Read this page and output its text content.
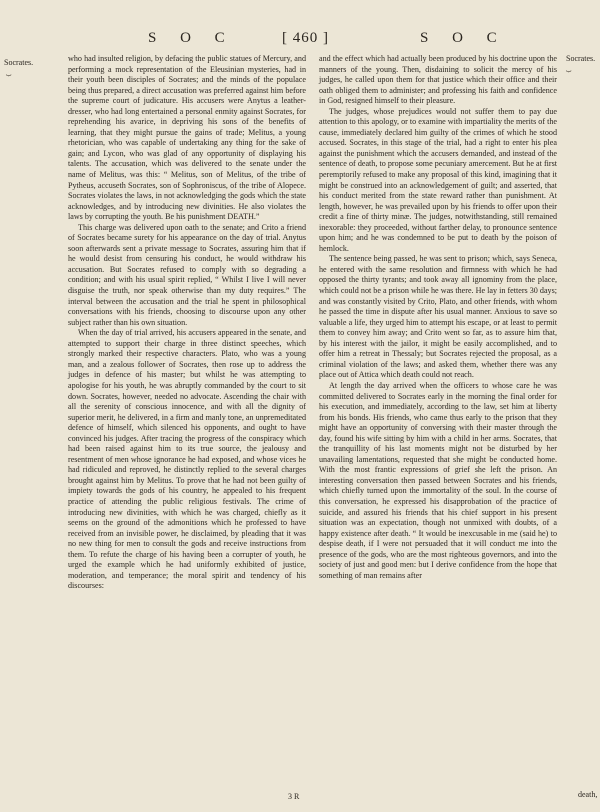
S O C	[ 460 ]	S O C
Socrates.
⏟
Socrates.
⏟

who had insulted religion, by defacing the public statues of Mercury, and performing a mock representation of the Eleusinian mysteries, had in their youth been disciples of Socrates; and the minds of the populace being thus prepared, a direct accusation was preferred against him before the supreme court of judicature. His accusers were Anytus a leather-dresser, who had long entertained a personal enmity against Socrates, for reprehending his avarice, in depriving his sons of the benefits of learning, that they might pursue the gains of trade; Melitus, a young rhetorician, who was capable of undertaking any thing for the sake of gain; and Lycon, who was glad of any opportunity of displaying his talents. The accusation, which was delivered to the senate under the name of Melitus, was this: “ Melitus, son of Melitus, of the tribe of Pytheus, accuseth Socrates, son of Sophroniscus, of the tribe of Alopece. Socrates violates the laws, in not acknowledging the gods which the state acknowledges, and by introducing new divinities. He also violates the laws by corrupting the youth. Be his punishment DEATH.”

This charge was delivered upon oath to the senate; and Crito a friend of Socrates became surety for his appearance on the day of trial. Anytus soon afterwards sent a private message to Socrates, assuring him that if he would desist from censuring his conduct, he would withdraw his accusation. But Socrates refused to comply with so degrading a condition; and with his usual spirit replied, “ Whilst I live I will never disguise the truth, nor speak otherwise than my duty requires.” The interval between the accusation and the trial he spent in philosophical conversations with his friends, choosing to discourse upon any other subject rather than his own situation.

When the day of trial arrived, his accusers appeared in the senate, and attempted to support their charge in three distinct speeches, which strongly marked their respective characters. Plato, who was a young man, and a zealous follower of Socrates, then rose up to address the judges in defence of his master; but whilst he was attempting to apologise for his youth, he was abruptly commanded by the court to sit down. Socrates, however, needed no advocate. Ascending the chair with all the serenity of conscious innocence, and with all the dignity of superior merit, he delivered, in a firm and manly tone, an unpremeditated defence of himself, which silenced his opponents, and ought to have convinced his judges. After tracing the progress of the conspiracy which had been raised against him to its true source, the jealousy and resentment of men whose ignorance he had exposed, and whose vices he had ridiculed and reproved, he distinctly replied to the several charges brought against him by Melitus. To prove that he had not been guilty of impiety towards the gods of his country, he appealed to his frequent practice of attending the public religious festivals. The crime of introducing new divinities, with which he was charged, chiefly as it seems on the ground of the admonitions which he professed to have received from an invisible power, he disclaimed, by pleading that it was no new thing for men to consult the gods and receive instructions from them. To refute the charge of his having been a corrupter of youth, he urged the example which he had uniformly exhibited of justice, moderation, and temperance; the moral spirit and tendency of his discourses:

and the effect which had actually been produced by his doctrine upon the manners of the young. Then, disdaining to solicit the mercy of his judges, he called upon them for that justice which their office and their oath obliged them to administer; and professing his faith and confidence in God, resigned himself to their pleasure.

The judges, whose prejudices would not suffer them to pay due attention to this apology, or to examine with impartiality the merits of the cause, immediately declared him guilty of the crimes of which he stood accused. Socrates, in this stage of the trial, had a right to enter his plea against the punishment which the accusers demanded, and instead of the sentence of death, to propose some pecuniary amercement. But he at first peremptorily refused to make any proposal of this kind, imagining that it might be construed into an acknowledgement of guilt; and asserted, that his conduct merited from the state reward rather than punishment. At length, however, he was prevailed upon by his friends to offer upon their credit a fine of thirty minæ. The judges, notwithstanding, still remained inexorable: they proceeded, without farther delay, to pronounce sentence upon him; and he was condemned to be put to death by the poison of hemlock.

The sentence being passed, he was sent to prison; which, says Seneca, he entered with the same resolution and firmness with which he had opposed the thirty tyrants; and took away all ignominy from the place, which could not be a prison while he was there. He lay in fetters 30 days; and was constantly visited by Crito, Plato, and other friends, with whom he passed the time in dispute after his usual manner. Anxious to save so valuable a life, they urged him to attempt his escape, or at least to permit them to convey him away; and Crito went so far, as to assure him that, by his interest with the jailor, it might be easily accomplished, and to offer him a retreat in Thessaly; but Socrates rejected the proposal, as a criminal violation of the laws; and asked them, whether there was any place out of Attica which death could not reach.

At length the day arrived when the officers to whose care he was committed delivered to Socrates early in the morning the final order for his execution, and immediately, according to the law, set him at liberty from his bonds. His friends, who came thus early to the prison that they might have an opportunity of conversing with their master through the day, found his wife sitting by him with a child in her arms. Socrates, that the tranquillity of his last moments might not be disturbed by her unavailing lamentations, requested that she might be conducted home. With the most frantic expressions of grief she left the prison. An interesting conversation then passed between Socrates and his friends, which chiefly turned upon the immortality of the soul. In the course of this conversation, he expressed his disapprobation of the practice of suicide, and assured his friends that his chief support in his present situation was an expectation, though not unmixed with doubts, of a happy existence after death. “ It would be inexcusable in me (said he) to despise death, if I were not persuaded that it will conduct me into the presence of the gods, who are the most righteous governors, and into the society of just and good men: but I derive confidence from the hope that something of man remains after

3 R	death,
